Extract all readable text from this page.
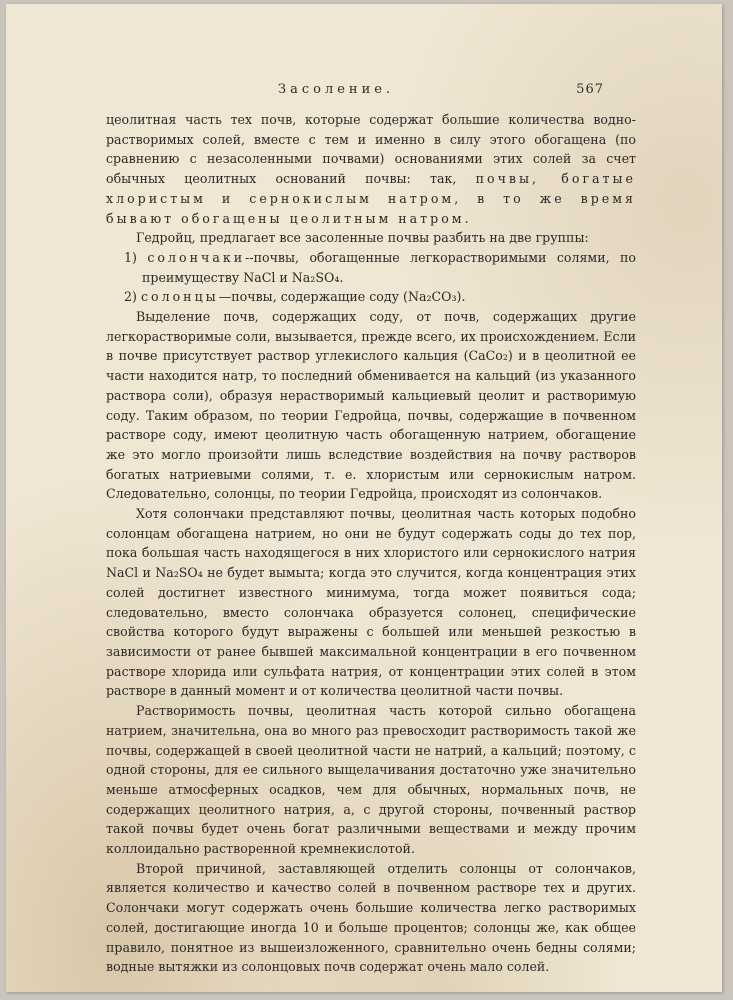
Засоление.	567

цеолитная часть тех почв, которые содержат большие количества водно-растворимых солей, вместе с тем и именно в силу этого обогащена (по сравнению с незасоленными почвами) основаниями этих солей за счет обычных цеолитных оснований почвы: так, почвы, богатые хлористым и сернокислым натром, в то же время бывают обогащены цеолитным натром.

Гедройц, предлагает все засоленные почвы разбить на две группы:

1) солончаки--почвы, обогащенные легкорастворимыми солями, по преимуществу NaCl и Na₂SO₄.

2) солонцы—почвы, содержащие соду (Na₂CO₃).

Выделение почв, содержащих соду, от почв, содержащих другие легкорастворимые соли, вызывается, прежде всего, их происхождением. Если в почве присутствует раствор углекислого кальция (CaCo₂) и в цеолитной ее части находится натр, то последний обменивается на кальций (из указанного раствора соли), образуя нерастворимый кальциевый цеолит и растворимую соду. Таким образом, по теории Гедройца, почвы, содержащие в почвенном растворе соду, имеют цеолитную часть обогащенную натрием, обогащение же это могло произойти лишь вследствие воздействия на почву растворов богатых натриевыми солями, т. е. хлористым или сернокислым натром. Следовательно, солонцы, по теории Гедройца, происходят из солончаков.

Хотя солончаки представляют почвы, цеолитная часть которых подобно солонцам обогащена натрием, но они не будут содержать соды до тех пор, пока большая часть находящегося в них хлористого или сернокислого натрия NaCl и Na₂SO₄ не будет вымыта; когда это случится, когда концентрация этих солей достигнет известного минимума, тогда может появиться сода; следовательно, вместо солончака образуется солонец, специфические свойства которого будут выражены с большей или меньшей резкостью в зависимости от ранее бывшей максимальной концентрации в его почвенном растворе хлорида или сульфата натрия, от концентрации этих солей в этом растворе в данный момент и от количества цеолитной части почвы.

Растворимость почвы, цеолитная часть которой сильно обогащена натрием, значительна, она во много раз превосходит растворимость такой же почвы, содержащей в своей цеолитной части не натрий, а кальций; поэтому, с одной стороны, для ее сильного выщелачивания достаточно уже значительно меньше атмосферных осадков, чем для обычных, нормальных почв, не содержащих цеолитного натрия, а, с другой стороны, почвенный раствор такой почвы будет очень богат различными веществами и между прочим коллоидально растворенной кремнекислотой.

Второй причиной, заставляющей отделить солонцы от солончаков, является количество и качество солей в почвенном растворе тех и других. Солончаки могут содержать очень большие количества легко растворимых солей, достигающие иногда 10 и больше процентов; солонцы же, как общее правило, понятное из вышеизложенного, сравнительно очень бедны солями; водные вытяжки из солонцовых почв содержат очень мало солей.
